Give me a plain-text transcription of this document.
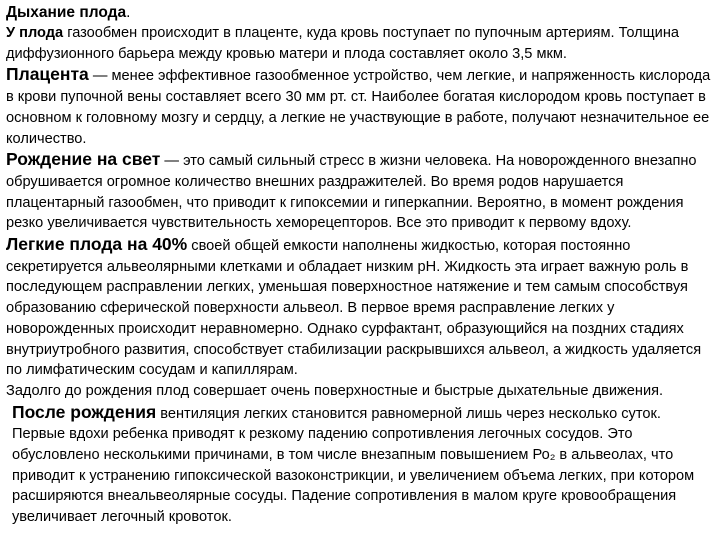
Дыхание плода.

У плода газообмен происходит в плаценте, куда кровь поступает по пупочным артериям. Толщина диффузионного барьера между кровью матери и плода составляет около 3,5 мкм.

Плацента — менее эффективное газообменное устройство, чем легкие, и напряженность кислорода в крови пупочной вены составляет всего 30 мм рт. ст. Наиболее богатая кислородом кровь поступает в основном к головному мозгу и сердцу, а легкие не участвующие в работе, получают незначительное ее количество.

Рождение на свет — это самый сильный стресс в жизни человека. На новорожденного внезапно обрушивается огромное количество внешних раздражителей. Во время родов нарушается плацентарный газообмен, что приводит к гипоксемии и гиперкапнии. Вероятно, в момент рождения резко увеличивается чувствительность хеморецепторов. Все это приводит к первому вдоху.

Легкие плода на 40% своей общей емкости наполнены жидкостью, которая постоянно секретируется альвеолярными клетками и обладает низким рН. Жидкость эта играет важную роль в последующем расправлении легких, уменьшая поверхностное натяжение и тем самым способствуя образованию сферической поверхности альвеол. В первое время расправление легких у новорожденных происходит неравномерно. Однако сурфактант, образующийся на поздних стадиях внутриутробного развития, способствует стабилизации раскрывшихся альвеол, а жидкость удаляется по лимфатическим сосудам и капиллярам.

Задолго до рождения плод совершает очень поверхностные и быстрые дыхательные движения.

После рождения вентиляция легких становится равномерной лишь через несколько суток. Первые вдохи ребенка приводят к резкому падению сопротивления легочных сосудов. Это обусловлено несколькими причинами, в том числе внезапным повышением Ро₂ в альвеолах, что приводит к устранению гипоксической вазоконстрикции, и увеличением объема легких, при котором расширяются внеальвеолярные сосуды. Падение сопротивления в малом круге кровообращения увеличивает легочный кровоток.
